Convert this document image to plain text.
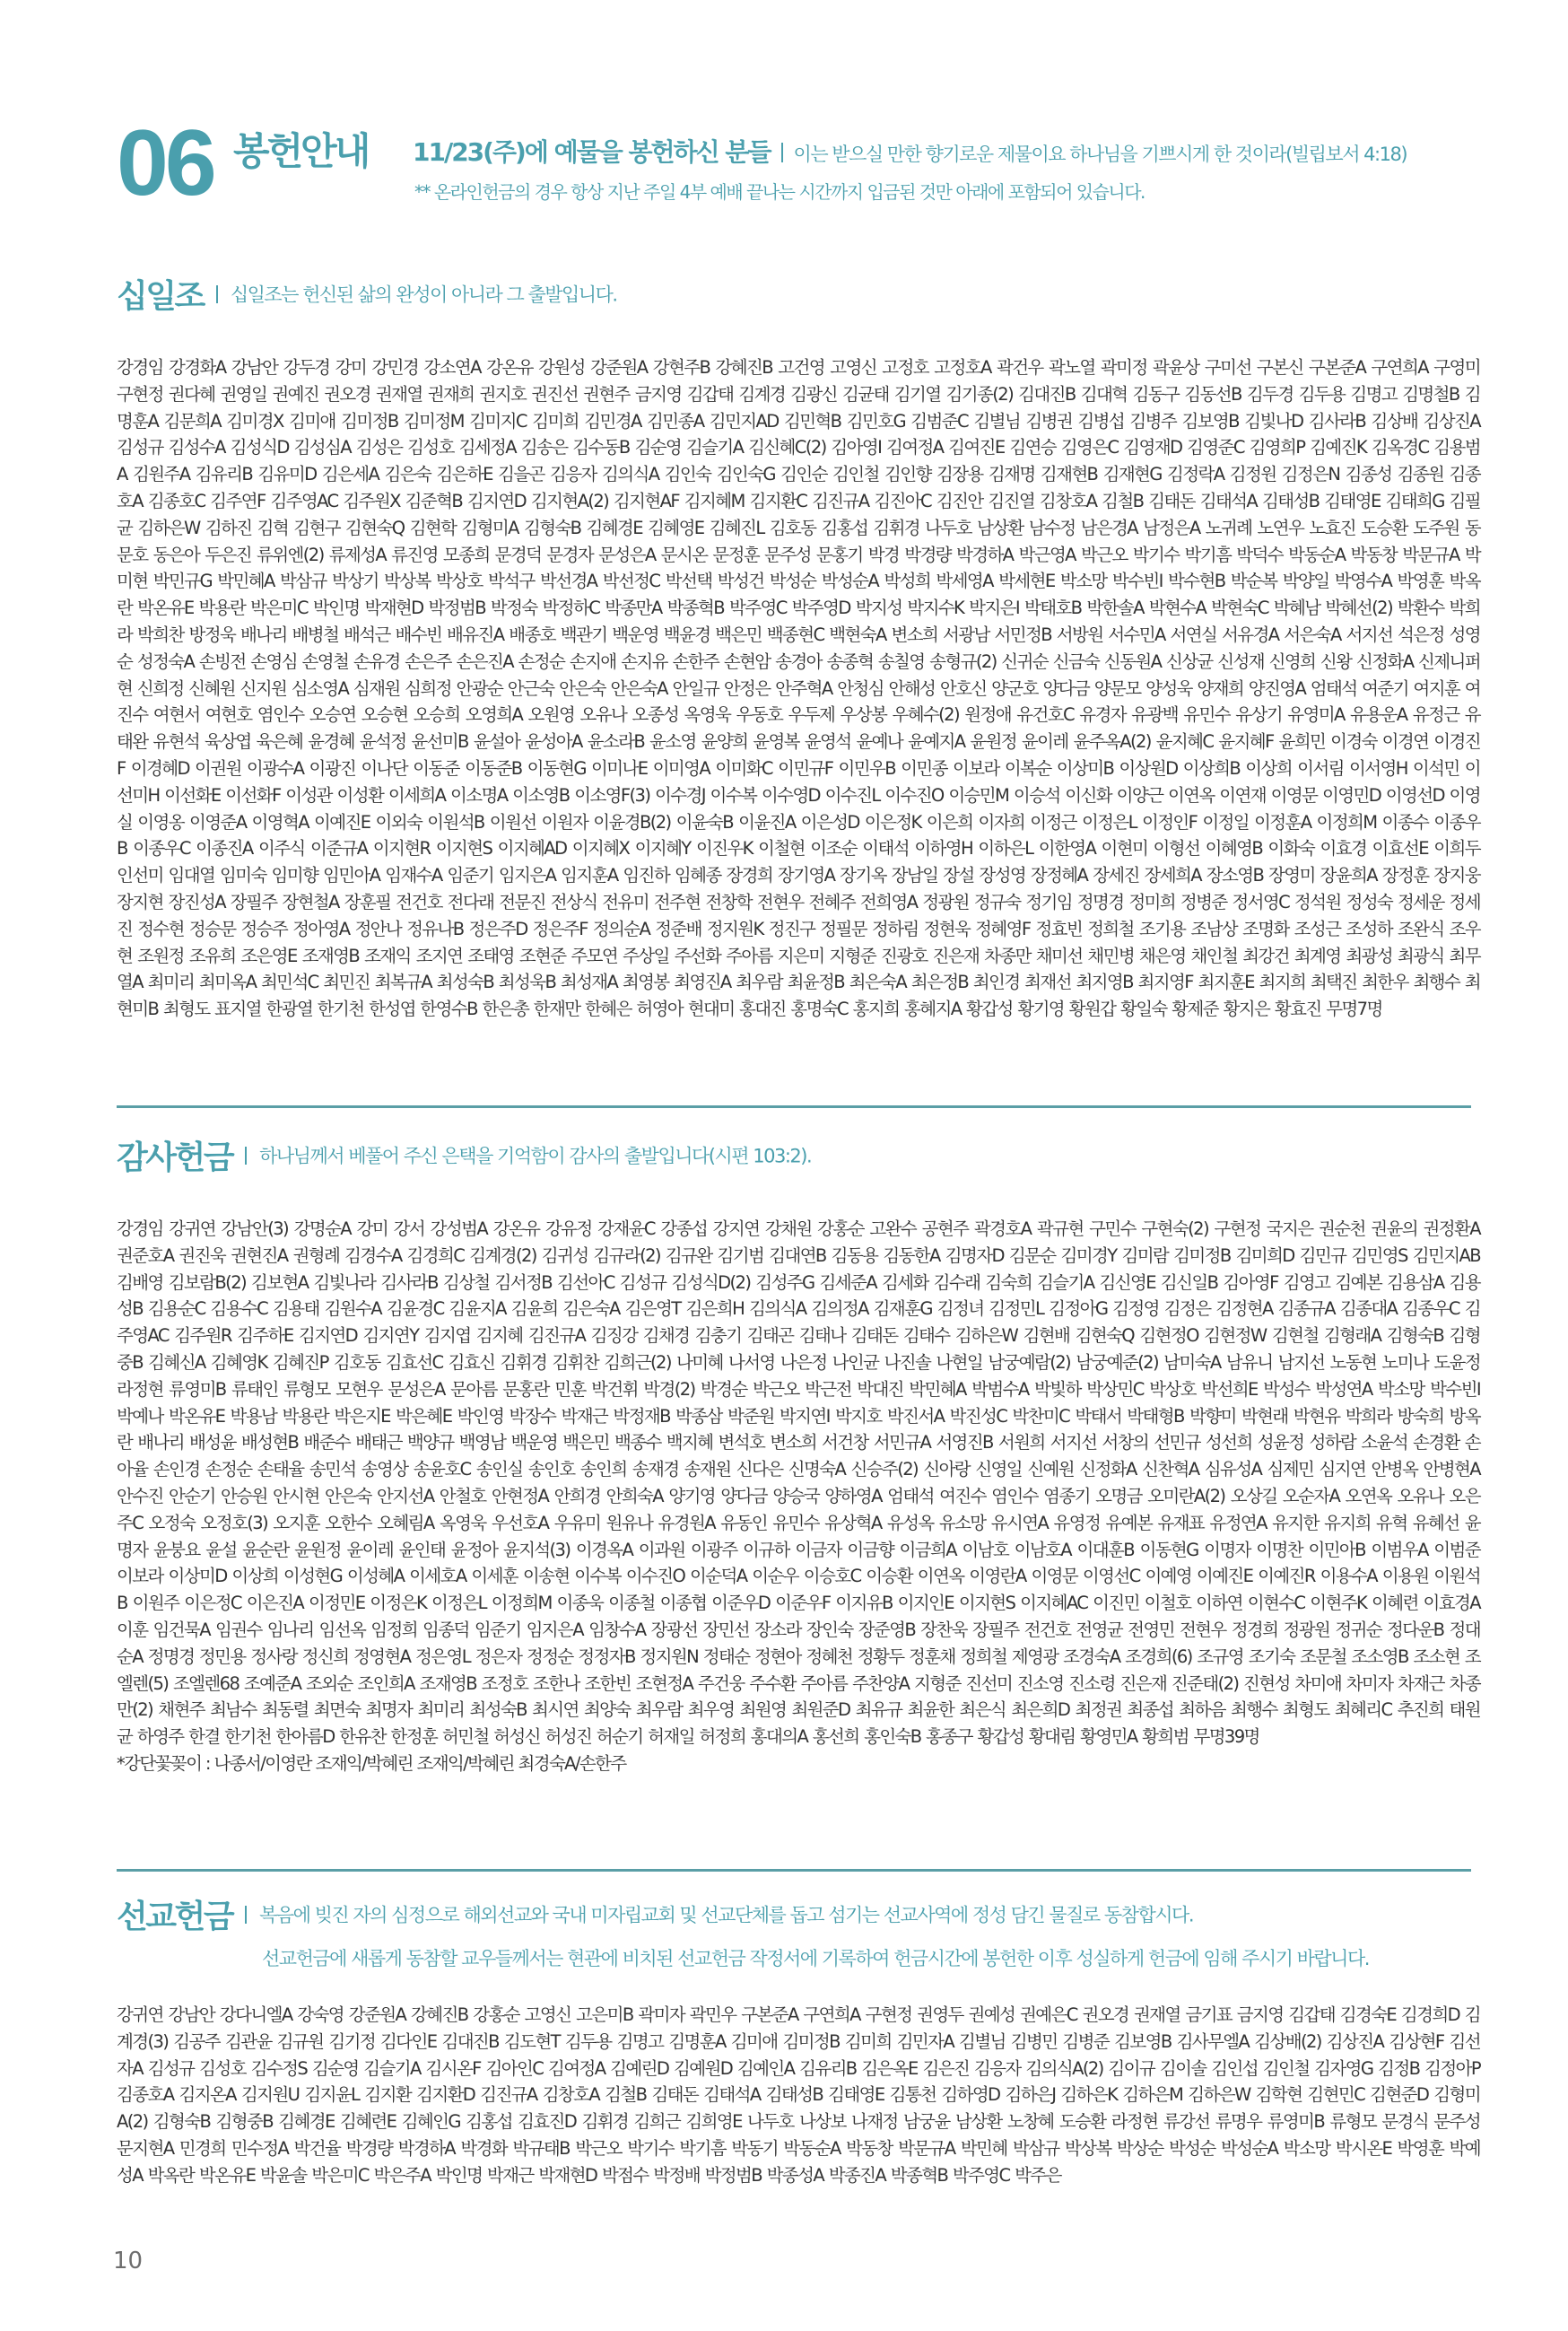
06 봉헌안내 11/23(주)에 예물을 봉헌하신 분들 이는 받으실 만한 향기로운 제물이요 하나님을 기쁘시게 한 것이라(빌립보서 4:18)
** 온라인헌금의 경우 항상 지난 주일 4부 예배 끝나는 시간까지 입금된 것만 아래에 포함되어 있습니다.
십일조 십일조는 헌신된 삶의 완성이 아니라 그 출발입니다.
강경임 강경화A 강남안 강두경 강미 강민경 강소연A 강온유 강원성 강준원A 강현주B 강혜진B 고건영 고영신 고정호 고정호A 곽건우 곽노열 곽미정 곽윤상 구미선 구본신 구본준A 구연희A 구영미 구현정 권다혜 권영일 권예진 권오경 권재열 권재희 권지호 권진선 권현주 금지영 김갑태 김계경 김광신 김균태 김기열 김기종(2) 김대진B 김대혁 김동구 김동선B 김두경 김두용 김명고 김명철B 김명훈A 김문희A 김미경X 김미애 김미정B 김미정M 김미지C 김미희 김민경A 김민종A 김민지AD 김민혁B 김민호G 김범준C 김별님 김병권 김병섭 김병주 김보영B 김빛나D 김사라B 김상배 김상진A 김성규 김성수A 김성식D 김성심A 김성은 김성호 김세정A 김송은 김수동B 김순영 김슬기A 김신혜C(2) 김아영I 김여정A 김여진E 김연승 김영은C 김영재D 김영준C 김영희P 김예진K 김옥경C 김용범A 김원주A 김유리B 김유미D 김은세A 김은숙 김은하E 김을곤 김응자 김의식A 김인숙 김인숙G 김인순 김인철 김인향 김장용 김재명 김재현B 김재현G 김정락A 김정원 김정은N 김종성 김종원 김종호A 김종호C 김주연F 김주영AC 김주원X 김준혁B 김지연D 김지현A(2) 김지현AF 김지혜M 김지환C 김진규A 김진아C 김진안 김진열 김창호A 김철B 김태돈 김태석A 김태성B 김태영E 김태희G 김필균 김하은W 김하진 김혁 김현구 김현숙Q 김현학 김형미A 김형숙B 김혜경E 김혜영E 김혜진L 김호동 김홍섭 김휘경 나두호 남상환 남수정 남은경A 남정은A 노귀례 노연우 노효진 도승환 도주원 동문호 동은아 두은진 류위엔(2) 류제성A 류진영 모종희 문경덕 문경자 문성은A 문시온 문정훈 문주성 문홍기 박경 박경량 박경하A 박근영A 박근오 박기수 박기흠 박덕수 박동순A 박동창 박문규A 박미현 박민규G 박민혜A 박삼규 박상기 박상복 박상호 박석구 박선경A 박선정C 박선택 박성건 박성순 박성순A 박성희 박세영A 박세현E 박소망 박수빈I 박수현B 박순복 박양일 박영수A 박영훈 박옥란 박온유E 박용란 박은미C 박인명 박재현D 박정범B 박정숙 박정하C 박종만A 박종혁B 박주영C 박주영D 박지성 박지수K 박지은I 박태호B 박한솔A 박현수A 박현숙C 박혜남 박혜선(2) 박환수 박희라 박희찬 방정욱 배나리 배병철 배석근 배수빈 배유진A 배종호 백관기 백운영 백윤경 백은민 백종현C 백현숙A 변소희 서광남 서민정B 서방원 서수민A 서연실 서유경A 서은숙A 서지선 석은정 성영순 성정숙A 손빙전 손영심 손영철 손유경 손은주 손은진A 손정순 손지애 손지유 손한주 손현암 송경아 송종혁 송칠영 송형규(2) 신귀순 신금숙 신동원A 신상균 신성재 신영희 신왕 신정화A 신제니퍼현 신희정 신혜원 신지원 심소영A 심재원 심희정 안광순 안근숙 안은숙 안은숙A 안일규 안정은 안주혁A 안청심 안해성 안호신 양군호 양다금 양문모 양성욱 양재희 양진영A 엄태석 여준기 여지훈 여진수 여현서 여현호 염인수 오승연 오승현 오승희 오영희A 오원영 오유나 오종성 옥영욱 우동호 우두제 우상봉 우혜수(2) 원정애 유건호C 유경자 유광백 유민수 유상기 유영미A 유용운A 유정근 유태완 유현석 육상엽 육은혜 윤경혜 윤석정 윤선미B 윤설아 윤성아A 윤소라B 윤소영 윤양희 윤영복 윤영석 윤예나 윤예지A 윤원정 윤이레 윤주옥A(2) 윤지혜C 윤지혜F 윤희민 이경숙 이경연 이경진F 이경혜D 이권원 이광수A 이광진 이나단 이동준 이동준B 이동현G 이미나E 이미영A 이미화C 이민규F 이민우B 이민종 이보라 이복순 이상미B 이상원D 이상희B 이상희 이서림 이서영H 이석민 이선미H 이선화E 이선화F 이성관 이성환 이세희A 이소명A 이소영B 이소영F(3) 이수경J 이수복 이수영D 이수진L 이수진O 이승민M 이승석 이신화 이양근 이연옥 이연재 이영문 이영민D 이영선D 이영실 이영옹 이영준A 이영혁A 이예진E 이외숙 이원석B 이원선 이원자 이윤경B(2) 이윤숙B 이윤진A 이은성D 이은정K 이은희 이자희 이정근 이정은L 이정인F 이정일 이정훈A 이정희M 이종수 이종우B 이종우C 이종진A 이주식 이준규A 이지현R 이지현S 이지혜AD 이지혜X 이지혜Y 이진우K 이철현 이조순 이태석 이하영H 이하은L 이한영A 이현미 이형선 이혜영B 이화숙 이효경 이효선E 이희두 인선미 임대열 임미숙 임미향 임민아A 임재수A 임준기 임지은A 임지훈A 임진하 임혜종 장경희 장기영A 장기옥 장남일 장설 장성영 장정혜A 장세진 장세희A 장소영B 장영미 장윤희A 장정훈 장지웅 장지현 장진성A 장필주 장현철A 장훈필 전건호 전다래 전문진 전상식 전유미 전주현 전창학 전현우 전혜주 전희영A 정광원 정규숙 정기임 정명경 정미희 정병준 정서영C 정석원 정성숙 정세운 정세진 정수현 정승문 정승주 정아영A 정안나 정유나B 정은주D 정은주F 정의순A 정준배 정지원K 정진구 정필문 정하림 정현욱 정혜영F 정효빈 정희철 조기용 조남상 조명화 조성근 조성하 조완식 조우현 조원정 조유희 조은영E 조재영B 조재익 조지연 조태영 조현준 주모연 주상일 주선화 주아름 지은미 지형준 진광호 진은재 차종만 채미선 채민병 채은영 채인철 최강건 최계영 최광성 최광식 최무열A 최미리 최미옥A 최민석C 최민진 최복규A 최성숙B 최성욱B 최성재A 최영봉 최영진A 최우람 최윤정B 최은숙A 최은정B 최인경 최재선 최지영B 최지영F 최지훈E 최지희 최택진 최한우 최행수 최현미B 최형도 표지열 한광열 한기천 한성엽 한영수B 한은총 한재만 한혜은 허영아 현대미 홍대진 홍명숙C 홍지희 홍혜지A 황갑성 황기영 황원갑 황일숙 황제준 황지은 황효진 무명7명
감사헌금 하나님께서 베풀어 주신 은택을 기억함이 감사의 출발입니다(시편 103:2).
강경임 강귀연 강남안(3) 강명순A 강미 강서 강성범A 강온유 강유정 강재윤C 강종섭 강지연 강채원 강홍순 고완수 공현주 곽경호A 곽규현 구민수 구현숙(2) 구현정 국지은 권순천 권윤의 권정환A 권준호A 권진욱 권현진A 권형례 김경수A 김경희C 김계경(2) 김귀성 김규라(2) 김규완 김기범 김대연B 김동용 김동한A 김명자D 김문순 김미경Y 김미람 김미정B 김미희D 김민규 김민영S 김민지AB 김배영 김보람B(2) 김보현A 김빛나라 김사라B 김상철 김서정B 김선아C 김성규 김성식D(2) 김성주G 김세준A 김세화 김수래 김숙희 김슬기A 김신영E 김신일B 김아영F 김영고 김예본 김용삼A 김용성B 김용순C 김용수C 김용태 김원수A 김윤경C 김윤지A 김윤희 김은숙A 김은영T 김은희H 김의식A 김의정A 김재훈G 김정녀 김정민L 김정아G 김정영 김정은 김정현A 김종규A 김종대A 김종우C 김주영AC 김주원R 김주하E 김지연D 김지연Y 김지엽 김지혜 김진규A 김징강 김채경 김충기 김태곤 김태나 김태돈 김태수 김하은W 김현배 김현숙Q 김현정O 김현정W 김현철 김형래A 김형숙B 김형중B 김혜신A 김혜영K 김혜진P 김호동 김효선C 김효신 김휘경 김휘찬 김희근(2) 나미혜 나서영 나은정 나인균 나진솔 나현일 남궁예람(2) 남궁예준(2) 남미숙A 남유니 남지선 노동현 노미나 도윤정 라정현 류영미B 류태인 류형모 모현우 문성은A 문아름 문홍란 민훈 박건휘 박경(2) 박경순 박근오 박근전 박대진 박민혜A 박범수A 박빛하 박상민C 박상호 박선희E 박성수 박성연A 박소망 박수빈I 박예나 박온유E 박용남 박용란 박은지E 박은혜E 박인영 박장수 박재근 박정재B 박종삼 박준원 박지연I 박지호 박진서A 박진성C 박찬미C 박태서 박태형B 박향미 박현래 박현유 박희라 방숙희 방옥란 배나리 배성윤 배성현B 배준수 배태근 백양규 백영남 백운영 백은민 백종수 백지혜 변석호 변소희 서건창 서민규A 서영진B 서원희 서지선 서창의 선민규 성선희 성윤정 성하람 소윤석 손경환 손아율 손인경 손정순 손태율 송민석 송영상 송윤호C 송인실 송인호 송인희 송재경 송재원 신다은 신명숙A 신승주(2) 신아랑 신영일 신예원 신정화A 신찬혁A 심유성A 심제민 심지연 안병옥 안병현A 안수진 안순기 안승원 안시현 안은숙 안지선A 안철호 안현정A 안희경 안희숙A 양기영 양다금 양승국 양하영A 엄태석 여진수 염인수 염종기 오명금 오미란A(2) 오상길 오순자A 오연옥 오유나 오은주C 오정숙 오정호(3) 오지훈 오한수 오혜림A 옥영욱 우선호A 우유미 원유나 유경원A 유동인 유민수 유상혁A 유성옥 유소망 유시연A 유영정 유예본 유재표 유정연A 유지한 유지희 유혁 유혜선 윤명자 윤붕요 윤설 윤순란 윤원정 윤이레 윤인태 윤정아 윤지석(3) 이경옥A 이과원 이광주 이규하 이금자 이금향 이금희A 이남호 이남호A 이대훈B 이동현G 이명자 이명찬 이민아B 이범우A 이범준 이보라 이상미D 이상희 이성현G 이성혜A 이세호A 이세훈 이송현 이수복 이수진O 이순덕A 이순우 이승호C 이승환 이연옥 이영란A 이영문 이영선C 이예영 이예진E 이예진R 이용수A 이용원 이원석B 이원주 이은정C 이은진A 이정민E 이정은K 이정은L 이정희M 이종욱 이종철 이종협 이준우D 이준우F 이지유B 이지인E 이지현S 이지혜AC 이진민 이철호 이하연 이현수C 이현주K 이혜련 이효경A 이훈 임건묵A 임권수 임나리 임선옥 임정희 임종덕 임준기 임지은A 임창수A 장광선 장민선 장소라 장인숙 장준영B 장찬욱 장필주 전건호 전영균 전영민 전현우 정경희 정광원 정귀순 정다운B 정대순A 정명경 정민용 정사랑 정신희 정영현A 정은영L 정은자 정정순 정정자B 정지원N 정태순 정현아 정혜천 정황두 정훈채 정희철 제영광 조경숙A 조경희(6) 조규영 조기숙 조문철 조소영B 조소현 조엘렌(5) 조엘렌68 조예준A 조외순 조인희A 조재영B 조정호 조한나 조한빈 조현정A 주건웅 주수환 주아름 주찬양A 지형준 진선미 진소영 진소령 진은재 진준태(2) 진현성 차미애 차미자 차재근 차종만(2) 채현주 최남수 최동렬 최면숙 최명자 최미리 최성숙B 최시연 최양숙 최우람 최우영 최원영 최원준D 최유규 최윤한 최은식 최은희D 최정권 최종섭 최하음 최행수 최형도 최혜리C 추진희 태원균 하영주 한결 한기천 한아름D 한유찬 한정훈 허민철 허성신 허성진 허순기 허재일 허정희 홍대의A 홍선희 홍인숙B 홍종구 황갑성 황대림 황영민A 황희범 무명39명
*강단꽃꽂이 : 나종서/이영란 조재익/박혜린 조재익/박혜린 최경숙A/손한주
선교헌금 복음에 빚진 자의 심정으로 해외선교와 국내 미자립교회 및 선교단체를 돕고 섬기는 선교사역에 정성 담긴 물질로 동참합시다.
선교헌금에 새롭게 동참할 교우들께서는 현관에 비치된 선교헌금 작정서에 기록하여 헌금시간에 봉헌한 이후 성실하게 헌금에 임해 주시기 바랍니다.
강귀연 강남안 강다니엘A 강숙영 강준원A 강혜진B 강홍순 고영신 고은미B 곽미자 곽민우 구본준A 구연희A 구현정 권영두 권예성 권예은C 권오경 권재열 금기표 금지영 김갑태 김경숙E 김경희D 김계경(3) 김공주 김관윤 김규원 김기정 김다인E 김대진B 김도현T 김두용 김명고 김명훈A 김미애 김미정B 김미희 김민자A 김별님 김병민 김병준 김보영B 김사무엘A 김상배(2) 김상진A 김상현F 김선자A 김성규 김성호 김수정S 김순영 김슬기A 김시온F 김아인C 김여정A 김예린D 김예원D 김예인A 김유리B 김은옥E 김은진 김응자 김의식A(2) 김이규 김이솔 김인섭 김인철 김자영G 김정B 김정아P 김종호A 김지온A 김지원U 김지윤L 김지환 김지환D 김진규A 김창호A 김철B 김태돈 김태석A 김태성B 김태영E 김통천 김하영D 김하은J 김하은K 김하은M 김하은W 김학현 김현민C 김현준D 김형미A(2) 김형숙B 김형중B 김혜경E 김혜련E 김혜인G 김홍섭 김효진D 김휘경 김희근 김희영E 나두호 나상보 나재정 남궁윤 남상환 노창혜 도승환 라정현 류강선 류명우 류영미B 류형모 문경식 문주성 문지현A 민경희 민수정A 박건율 박경량 박경하A 박경화 박규태B 박근오 박기수 박기흠 박동기 박동순A 박동창 박문규A 박민혜 박삼규 박상복 박상순 박성순 박성순A 박소망 박시온E 박영훈 박예성A 박옥란 박온유E 박윤솔 박은미C 박은주A 박인명 박재근 박재현D 박점수 박정배 박정범B 박종성A 박종진A 박종혁B 박주영C 박주은
10
